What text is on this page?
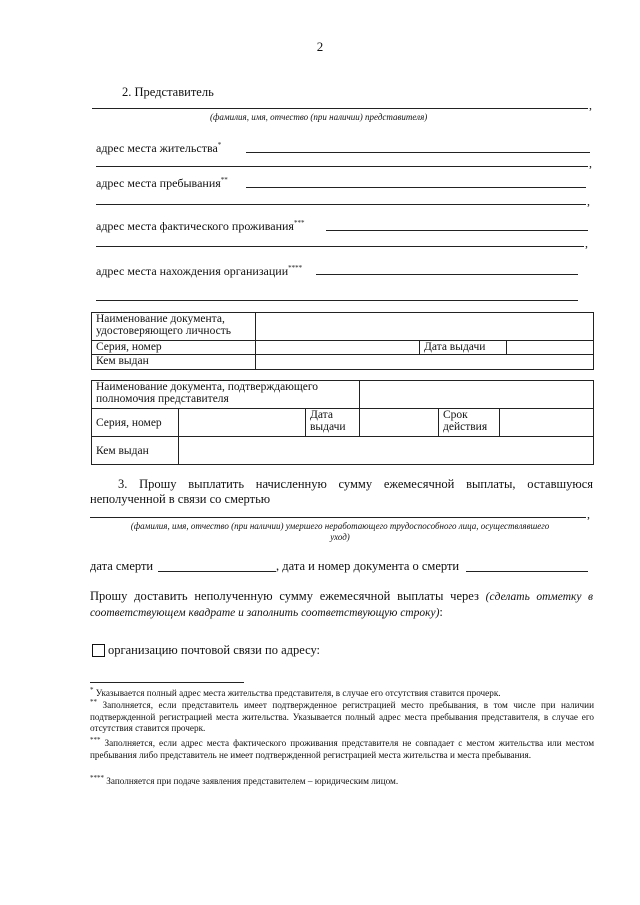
2
2. Представитель
,
(фамилия, имя, отчество (при наличии) представителя)
адрес места жительства*
,
адрес места пребывания**
,
адрес места фактического проживания***
,
адрес места нахождения организации****
Наименование документа, удостоверяющего личность			
Серия, номер		Дата выдачи	
Кем выдан			
Наименование документа, подтверждающего полномочия представителя					
Серия, номер		Дата выдачи		Срок действия	
Кем выдан					
3. Прошу выплатить начисленную сумму ежемесячной выплаты, оставшуюся неполученной в связи со смертью
,
(фамилия, имя, отчество (при наличии) умершего неработающего трудоспособного лица, осуществлявшего уход)
дата смерти	, дата и номер документа о смерти
Прошу доставить неполученную сумму ежемесячной выплаты через (сделать отметку в соответствующем квадрате и заполнить соответствующую строку):
организацию почтовой связи по адресу:
* Указывается полный адрес места жительства представителя, в случае его отсутствия ставится прочерк.
** Заполняется, если представитель имеет подтвержденное регистрацией место пребывания, в том числе при наличии подтвержденной регистрацией места жительства. Указывается полный адрес места пребывания представителя, в случае его отсутствия ставится прочерк.
*** Заполняется, если адрес места фактического проживания представителя не совпадает с местом жительства или местом пребывания либо представитель не имеет подтвержденной регистрацией места жительства и места пребывания.
**** Заполняется при подаче заявления представителем – юридическим лицом.
